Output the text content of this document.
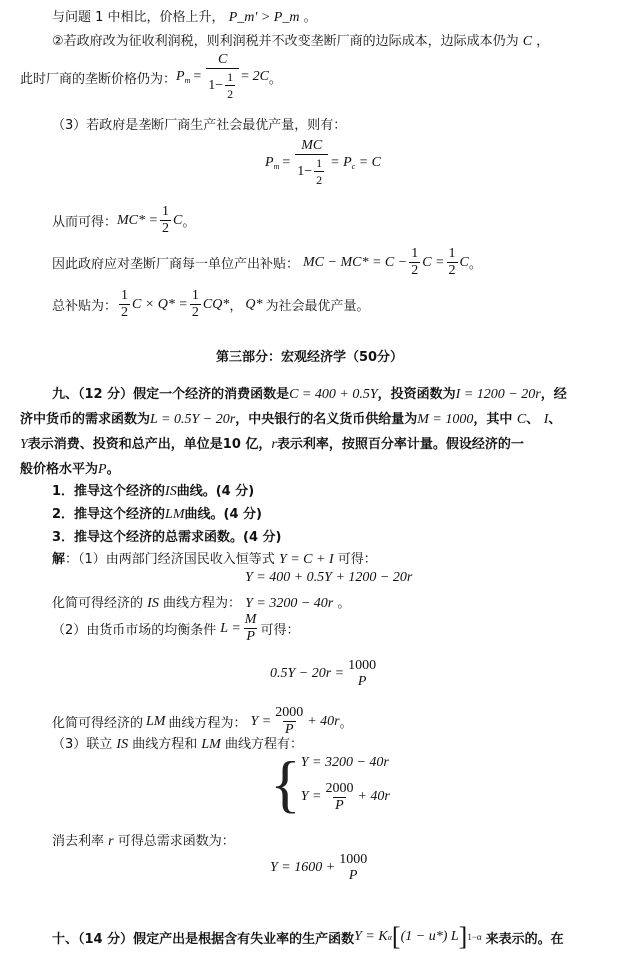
与问题 1 中相比，价格上升， P_m' > P_m 。
②若政府改为征收利润税，则利润税并不改变垄断厂商的边际成本，边际成本仍为 C ，
此时厂商的垄断价格仍为： $P_m = \frac{C}{1- \frac{1}{2}} = 2C$ 。
（3）若政府是垄断厂商生产社会最优产量，则有：
$P_m = \frac{MC}{1- \frac{1}{2}} = P_c = C$
从而可得： $MC* = \frac{1}{2}$ C 。
因此政府应对垄断厂商每一单位产出补贴： MC − $MC* = C - \frac{1}{2}$ $C = \frac{1}{2}$ C 。
总补贴为： $\frac{1}{2}$ $C \times Q* = \frac{1}{2} CQ*$ ， Q* 为社会最优产量。
第三部分：宏观经济学（50分）
九、（12 分）假定一个经济的消费函数是C = 400 + 0.5Y，投资函数为I = 1200 − 20r，经
济中货币的需求函数为L = 0.5Y − 20r，中央银行的名义货币供给量为M = 1000，其中 C、 I、
Y表示消费、投资和总产出，单位是10 亿，r表示利率，按照百分率计量。假设经济的一
般价格水平为P。
1．推导这个经济的IS曲线。(4 分)
2．推导这个经济的LM曲线。(4 分)
3．推导这个经济的总需求函数。(4 分)
解：（1）由两部门经济国民收入恒等式 Y = C + I 可得：
Y = 400 + 0.5Y + 1200 − 20r
化简可得经济的 IS 曲线方程为： Y = 3200 − 40r 。
（2）由货币市场的均衡条件 $L = \frac{M}{P}$ 可得：
0.5Y − 20r =
1000
P
化简可得经济的 LM 曲线方程为： $Y = \frac{2000}{P} + 40r$ 。
（3）联立 IS 曲线方程和 LM 曲线方程有：
{ Y = 3200 − 40r
$Y = \frac{2000}{P} + 40r$
消去利率 r 可得总需求函数为：
Y = 1600 +
1000
P
十、（14 分）假定产出是根据含有失业率的生产函数 Y = K α [ (1 − u*) L ] 1−α 来表示的。在
